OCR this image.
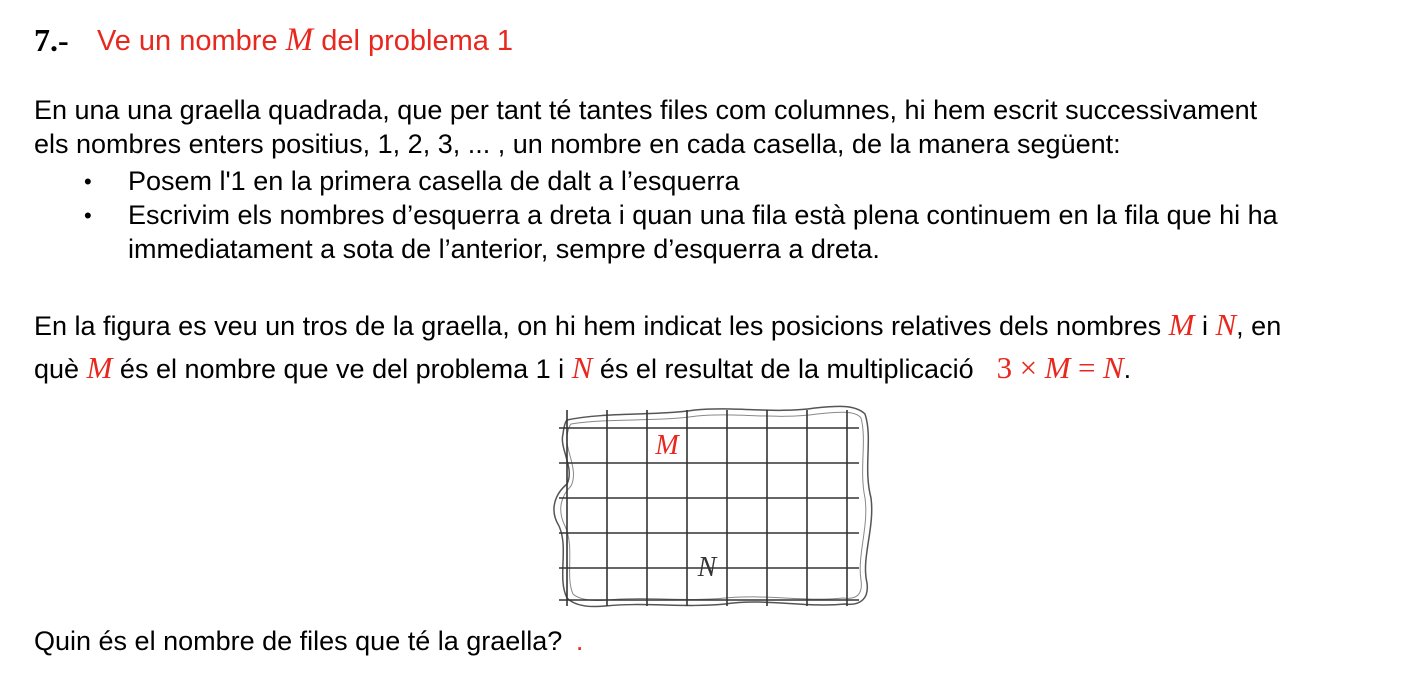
7.- Ve un nombre M del problema 1
En una una graella quadrada, que per tant té tantes files com columnes, hi hem escrit successivament
els nombres enters positius, 1, 2, 3, ... , un nombre en cada casella, de la manera següent:
• Posem l'1 en la primera casella de dalt a l’esquerra
• Escrivim els nombres d’esquerra a dreta i quan una fila està plena continuem en la fila que hi ha
immediatament a sota de l’anterior, sempre d’esquerra a dreta.
En la figura es veu un tros de la graella, on hi hem indicat les posicions relatives dels nombres M i N, en
què M és el nombre que ve del problema 1 i N és el resultat de la multiplicació 3 × M = N.
M
N
Quin és el nombre de files que té la graella? .
